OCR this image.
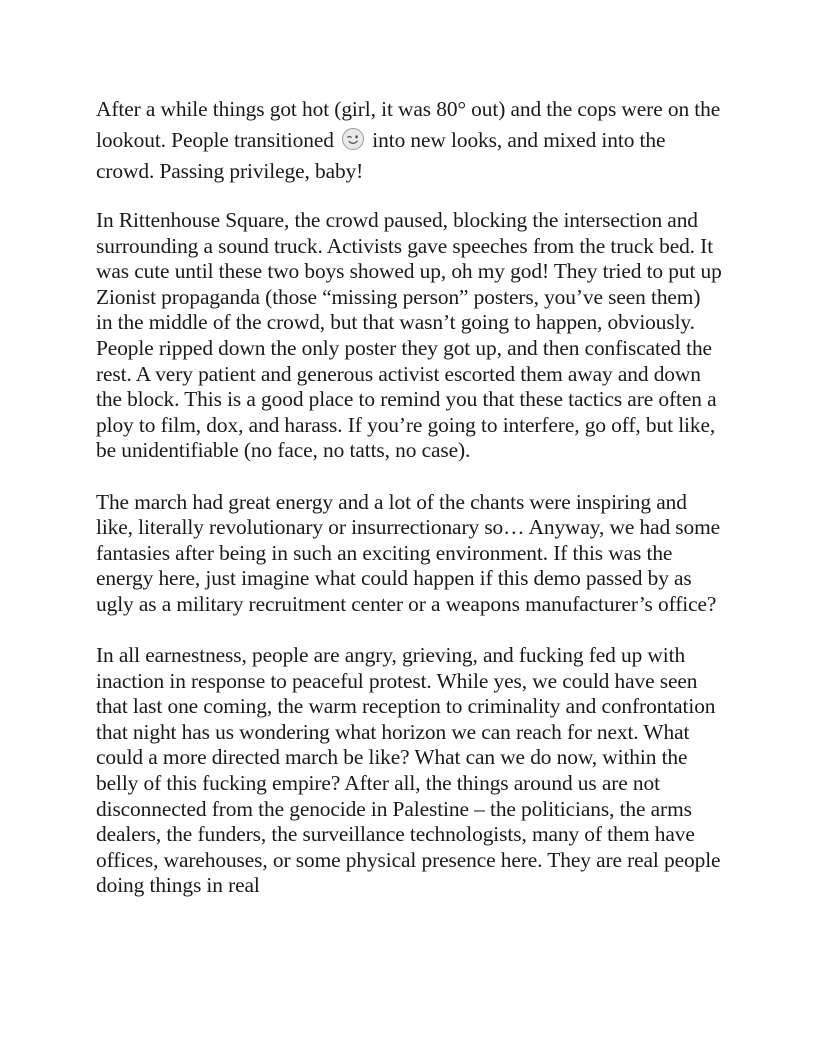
After a while things got hot (girl, it was 80° out) and the cops were on the lookout. People transitioned  into new looks, and mixed into the crowd. Passing privilege, baby!

In Rittenhouse Square, the crowd paused, blocking the intersection and surrounding a sound truck. Activists gave speeches from the truck bed. It was cute until these two boys showed up, oh my god! They tried to put up Zionist propaganda (those “missing person” posters, you’ve seen them) in the middle of the crowd, but that wasn’t going to happen, obviously. People ripped down the only poster they got up, and then confiscated the rest. A very patient and generous activist escorted them away and down the block. This is a good place to remind you that these tactics are often a ploy to film, dox, and harass. If you’re going to interfere, go off, but like, be unidentifiable (no face, no tatts, no case).

The march had great energy and a lot of the chants were inspiring and like, literally revolutionary or insurrectionary so… Anyway, we had some fantasies after being in such an exciting environment. If this was the energy here, just imagine what could happen if this demo passed by as ugly as a military recruitment center or a weapons manufacturer’s office?

In all earnestness, people are angry, grieving, and fucking fed up with inaction in response to peaceful protest. While yes, we could have seen that last one coming, the warm reception to criminality and confrontation that night has us wondering what horizon we can reach for next. What could a more directed march be like? What can we do now, within the belly of this fucking empire? After all, the things around us are not disconnected from the genocide in Palestine – the politicians, the arms dealers, the funders, the surveillance technologists, many of them have offices, warehouses, or some physical presence here. They are real people doing things in real
